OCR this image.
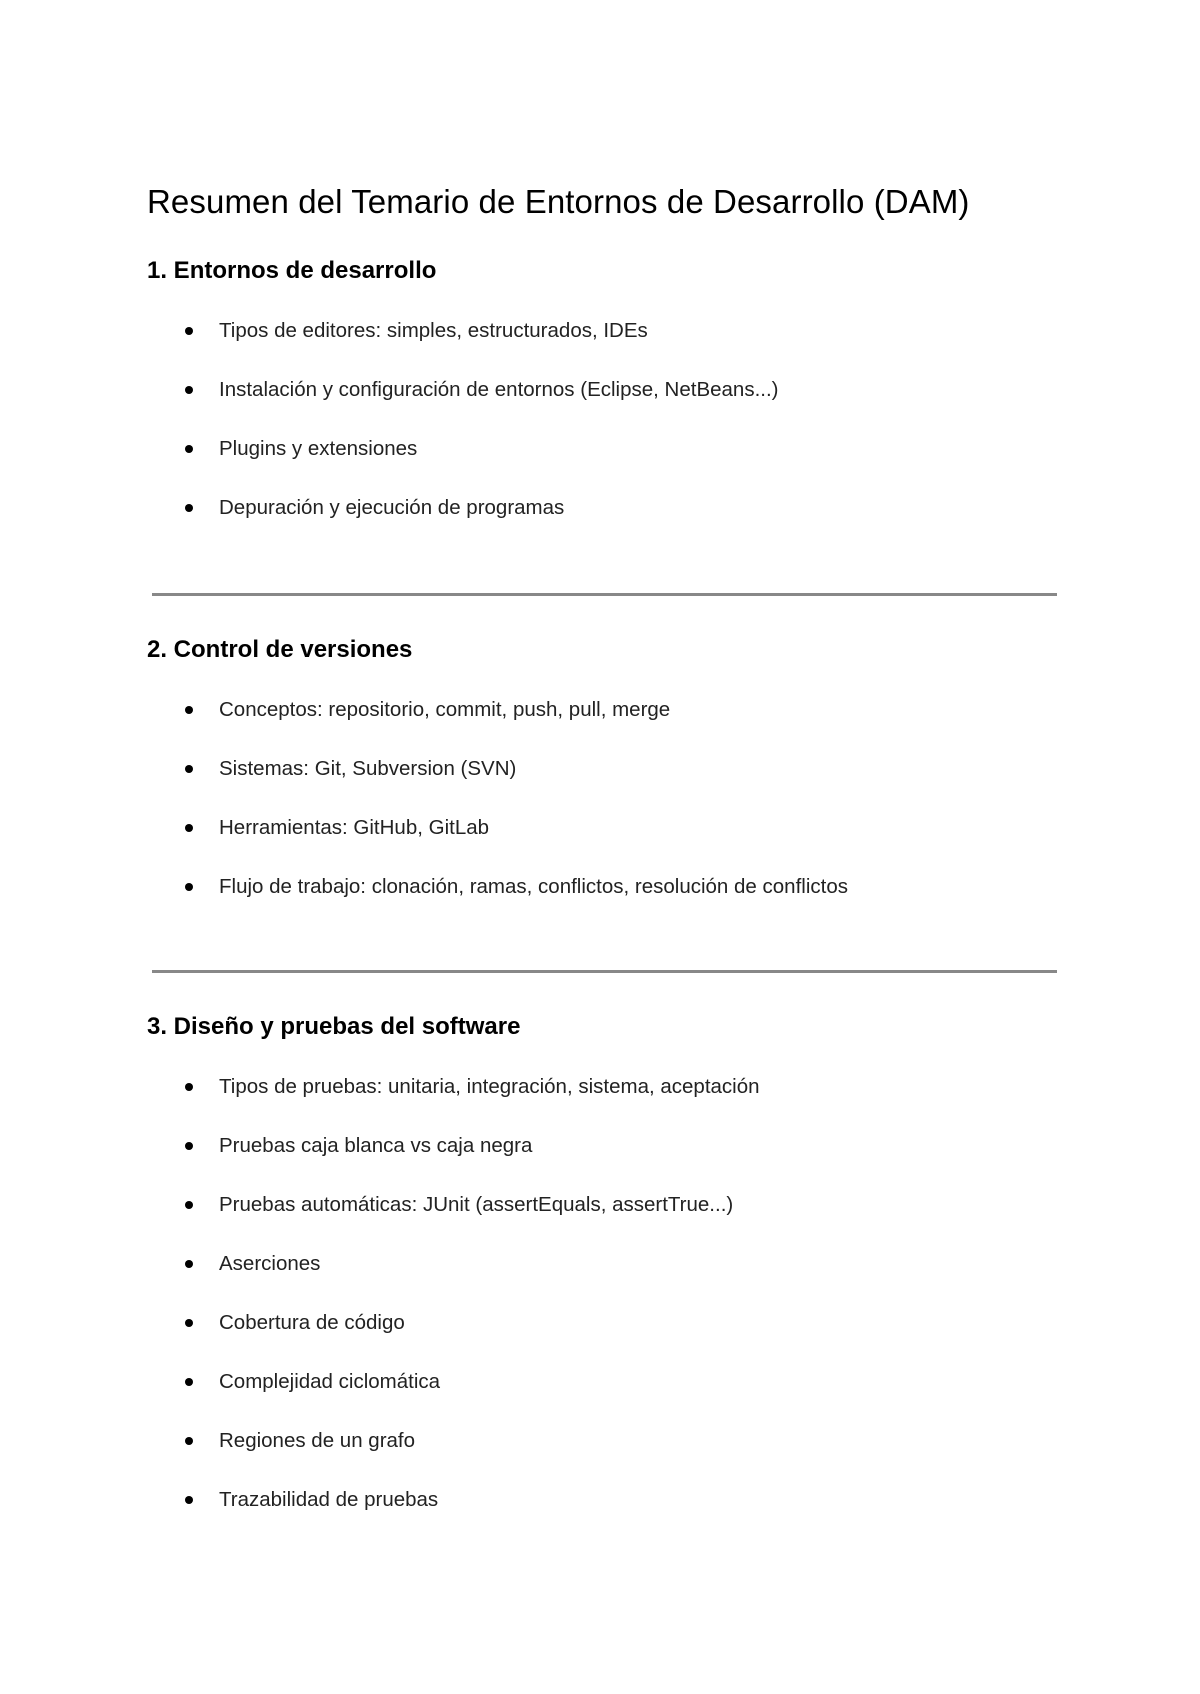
Resumen del Temario de Entornos de Desarrollo (DAM)
1. Entornos de desarrollo
Tipos de editores: simples, estructurados, IDEs
Instalación y configuración de entornos (Eclipse, NetBeans...)
Plugins y extensiones
Depuración y ejecución de programas
2. Control de versiones
Conceptos: repositorio, commit, push, pull, merge
Sistemas: Git, Subversion (SVN)
Herramientas: GitHub, GitLab
Flujo de trabajo: clonación, ramas, conflictos, resolución de conflictos
3. Diseño y pruebas del software
Tipos de pruebas: unitaria, integración, sistema, aceptación
Pruebas caja blanca vs caja negra
Pruebas automáticas: JUnit (assertEquals, assertTrue...)
Aserciones
Cobertura de código
Complejidad ciclomática
Regiones de un grafo
Trazabilidad de pruebas
